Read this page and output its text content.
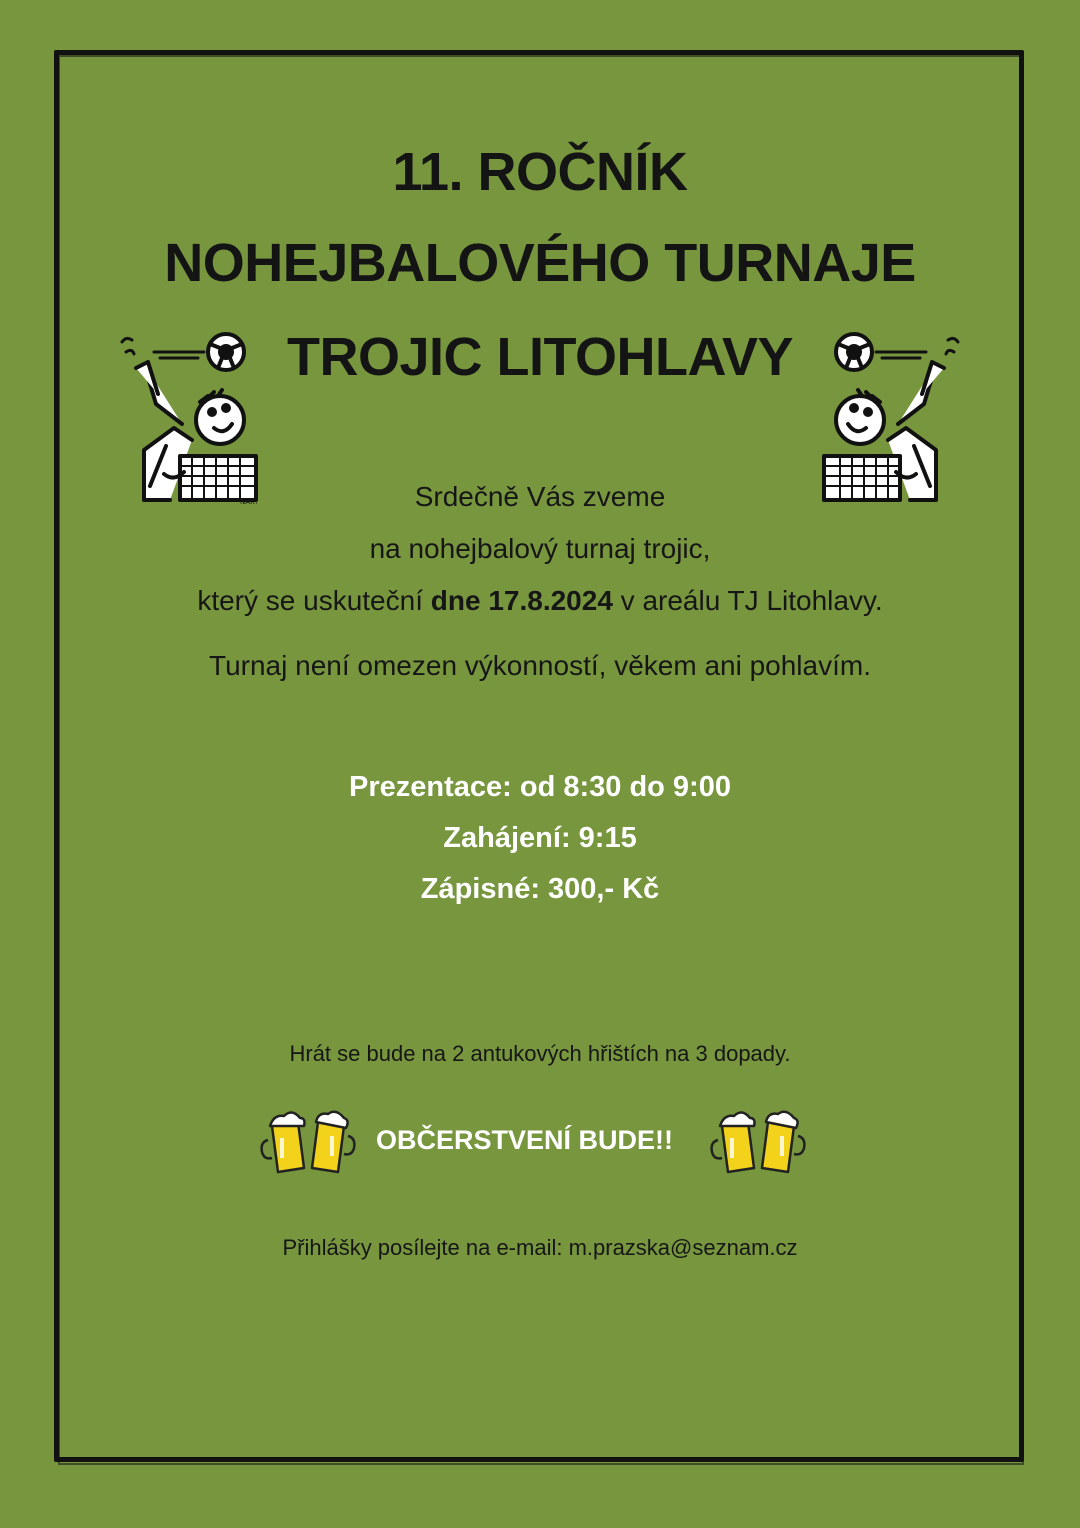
11. ROČNÍK
NOHEJBALOVÉHO TURNAJE
TROJIC LITOHLAVY
NAX!	Srdečně Vás zveme
na nohejbalový turnaj trojic,
který se uskuteční dne 17.8.2024 v areálu TJ Litohlavy.
Turnaj není omezen výkonností, věkem ani pohlavím.
Prezentace: od 8:30 do 9:00
Zahájení: 9:15
Zápisné: 300,- Kč
Hrát se bude na 2 antukových hřištích na 3 dopady.
OBČERSTVENÍ BUDE!!
Přihlášky posílejte na e-mail: m.prazska@seznam.cz
